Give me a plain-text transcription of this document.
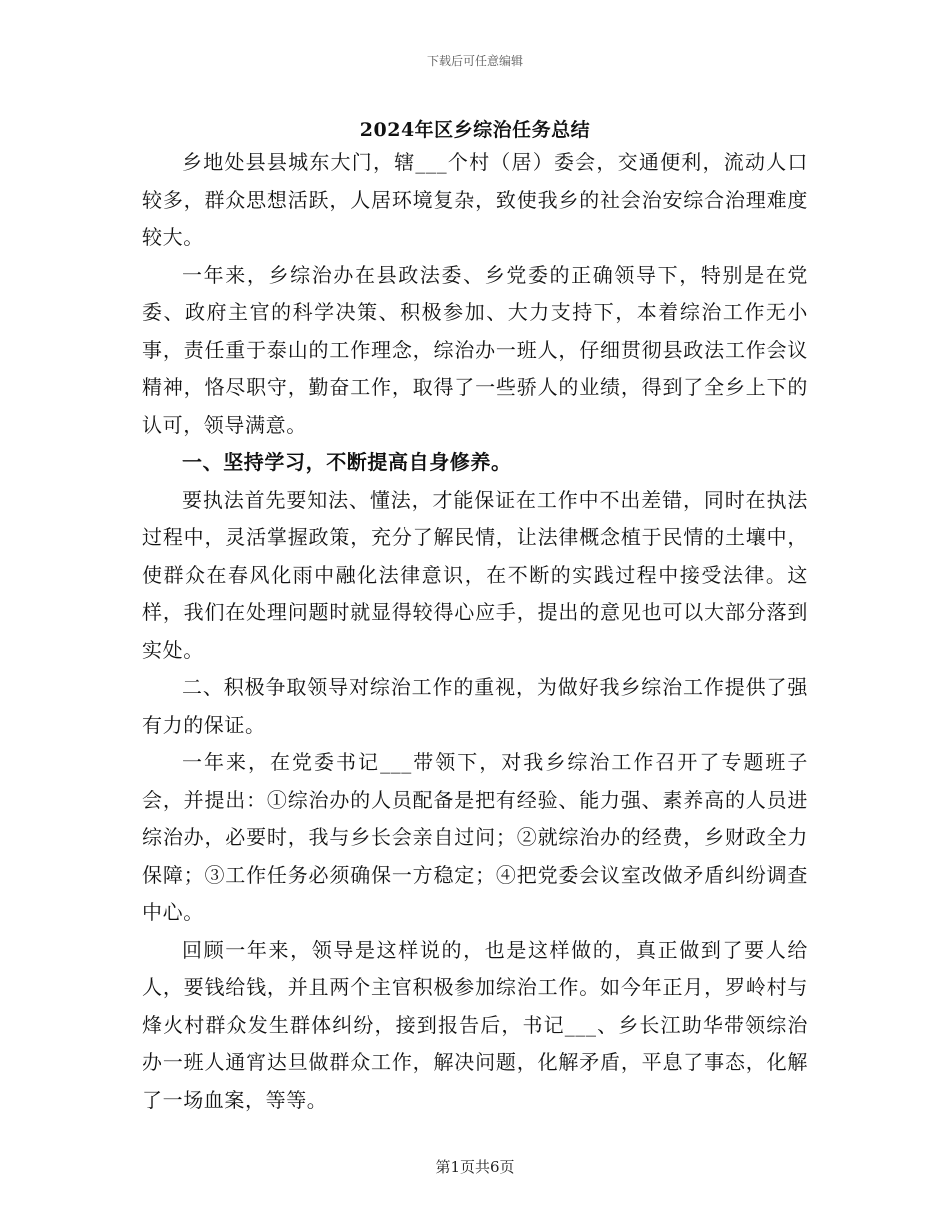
下载后可任意编辑
2024年区乡综治任务总结

乡地处县县城东大门，辖___个村（居）委会，交通便利，流动人口较多，群众思想活跃，人居环境复杂，致使我乡的社会治安综合治理难度较大。

一年来，乡综治办在县政法委、乡党委的正确领导下，特别是在党委、政府主官的科学决策、积极参加、大力支持下，本着综治工作无小事，责任重于泰山的工作理念，综治办一班人，仔细贯彻县政法工作会议精神，恪尽职守，勤奋工作，取得了一些骄人的业绩，得到了全乡上下的认可，领导满意。

一、坚持学习，不断提高自身修养。

要执法首先要知法、懂法，才能保证在工作中不出差错，同时在执法过程中，灵活掌握政策，充分了解民情，让法律概念植于民情的土壤中，使群众在春风化雨中融化法律意识，在不断的实践过程中接受法律。这样，我们在处理问题时就显得较得心应手，提出的意见也可以大部分落到实处。

二、积极争取领导对综治工作的重视，为做好我乡综治工作提供了强有力的保证。

一年来，在党委书记___带领下，对我乡综治工作召开了专题班子会，并提出：①综治办的人员配备是把有经验、能力强、素养高的人员进综治办，必要时，我与乡长会亲自过问；②就综治办的经费，乡财政全力保障；③工作任务必须确保一方稳定；④把党委会议室改做矛盾纠纷调查中心。

回顾一年来，领导是这样说的，也是这样做的，真正做到了要人给人，要钱给钱，并且两个主官积极参加综治工作。如今年正月，罗岭村与烽火村群众发生群体纠纷，接到报告后，书记___、乡长江助华带领综治办一班人通宵达旦做群众工作，解决问题，化解矛盾，平息了事态，化解了一场血案，等等。

第1页共6页
